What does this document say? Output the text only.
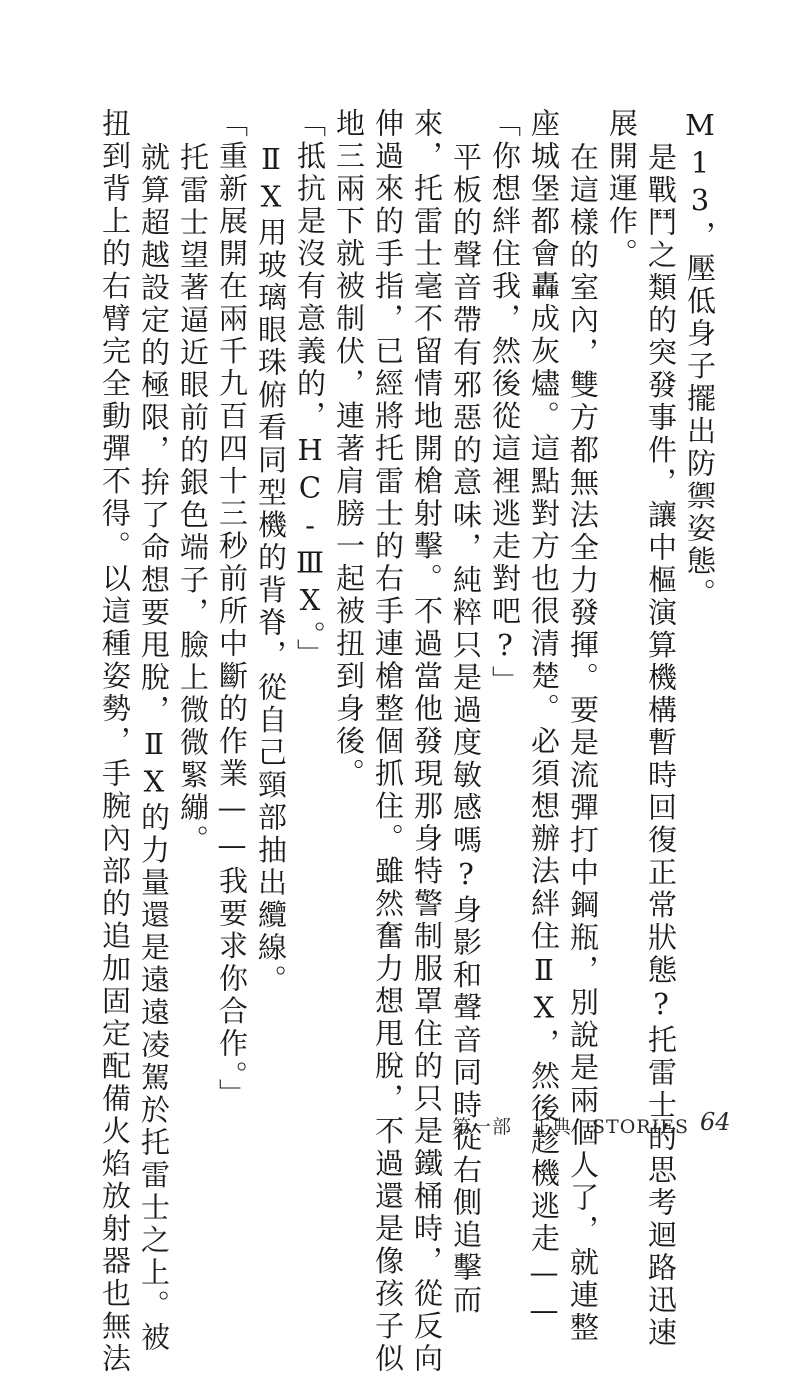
M13，壓低身子擺出防禦姿態。
是戰鬥之類的突發事件，讓中樞演算機構暫時回復正常狀態?托雷士的思考迴路迅速
展開運作。
在這樣的室內，雙方都無法全力發揮。要是流彈打中鋼瓶，別說是兩個人了，就連整
座城堡都會轟成灰燼。這點對方也很清楚。必須想辦法絆住ⅡX，然後趁機逃走——
「你想絆住我，然後從這裡逃走對吧?」
平板的聲音帶有邪惡的意味，純粹只是過度敏感嗎?身影和聲音同時從右側追擊而
來，托雷士毫不留情地開槍射擊。不過當他發現那身特警制服罩住的只是鐵桶時，從反向
伸過來的手指，已經將托雷士的右手連槍整個抓住。雖然奮力想甩脫，不過還是像孩子似
地三兩下就被制伏，連著肩膀一起被扭到身後。
「抵抗是沒有意義的，HC-ⅢX。」
ⅡX用玻璃眼珠俯看同型機的背脊，從自己頸部抽出纜線。
「重新展開在兩千九百四十三秒前所中斷的作業——我要求你合作。」
托雷士望著逼近眼前的銀色端子，臉上微微緊繃。
就算超越設定的極限，拚了命想要甩脫，ⅡX的力量還是遠遠凌駕於托雷士之上。被
扭到背上的右臂完全動彈不得。以這種姿勢，手腕內部的追加固定配備火焰放射器也無法	第一部　正典　STORIES 64
